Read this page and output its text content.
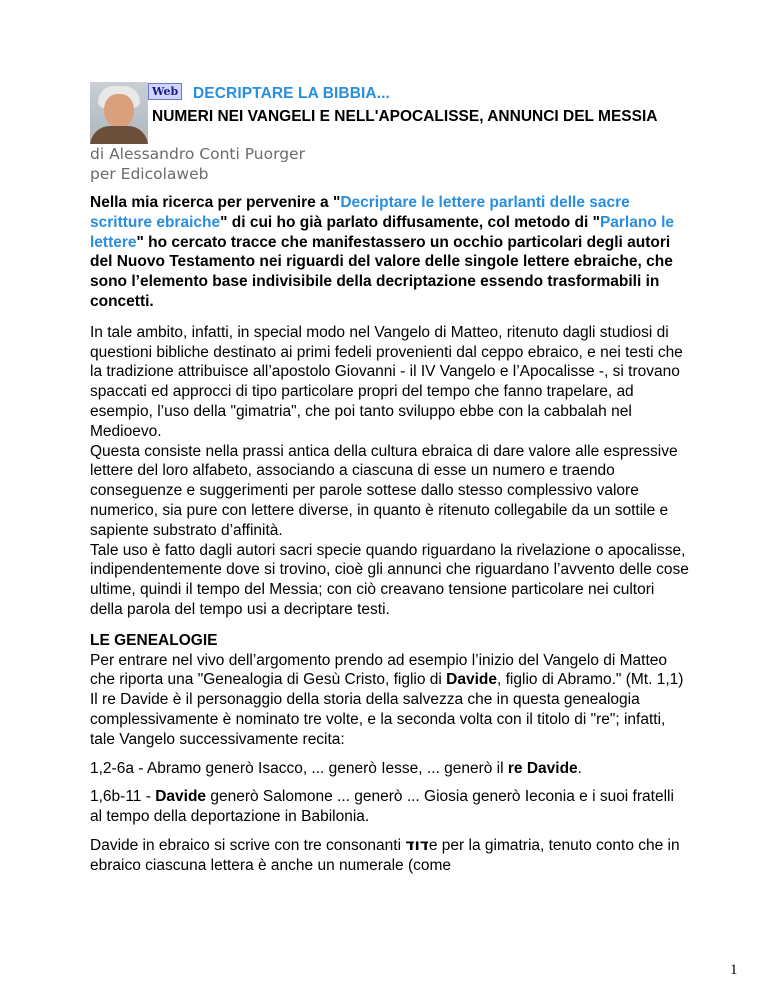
Web DECRIPTARE LA BIBBIA...
NUMERI NEI VANGELI E NELL'APOCALISSE, ANNUNCI DEL MESSIA
di Alessandro Conti Puorger
per Edicolaweb

Nella mia ricerca per pervenire a "Decriptare le lettere parlanti delle sacre scritture ebraiche" di cui ho già parlato diffusamente, col metodo di "Parlano le lettere" ho cercato tracce che manifestassero un occhio particolari degli autori del Nuovo Testamento nei riguardi del valore delle singole lettere ebraiche, che sono l’elemento base indivisibile della decriptazione essendo trasformabili in concetti.

In tale ambito, infatti, in special modo nel Vangelo di Matteo, ritenuto dagli studiosi di questioni bibliche destinato ai primi fedeli provenienti dal ceppo ebraico, e nei testi che la tradizione attribuisce all’apostolo Giovanni - il IV Vangelo e l’Apocalisse -, si trovano spaccati ed approcci di tipo particolare propri del tempo che fanno trapelare, ad esempio, l’uso della "gimatria", che poi tanto sviluppo ebbe con la cabbalah nel Medioevo.

Questa consiste nella prassi antica della cultura ebraica di dare valore alle espressive lettere del loro alfabeto, associando a ciascuna di esse un numero e traendo conseguenze e suggerimenti per parole sottese dallo stesso complessivo valore numerico, sia pure con lettere diverse, in quanto è ritenuto collegabile da un sottile e sapiente substrato d’affinità.

Tale uso è fatto dagli autori sacri specie quando riguardano la rivelazione o apocalisse, indipendentemente dove si trovino, cioè gli annunci che riguardano l’avvento delle cose ultime, quindi il tempo del Messia; con ciò creavano tensione particolare nei cultori della parola del tempo usi a decriptare testi.

LE GENEALOGIE

Per entrare nel vivo dell’argomento prendo ad esempio l’inizio del Vangelo di Matteo che riporta una "Genealogia di Gesù Cristo, figlio di Davide, figlio di Abramo." (Mt. 1,1)

Il re Davide è il personaggio della storia della salvezza che in questa genealogia complessivamente è nominato tre volte, e la seconda volta con il titolo di "re"; infatti, tale Vangelo successivamente recita:

1,2-6a - Abramo generò Isacco, ... generò Iesse, ... generò il re Davide.

1,6b-11 - Davide generò Salomone ... generò ... Giosia generò Ieconia e i suoi fratelli al tempo della deportazione in Babilonia.

Davide in ebraico si scrive con tre consonanti דודe per la gimatria, tenuto conto che in ebraico ciascuna lettera è anche un numerale (come

1
